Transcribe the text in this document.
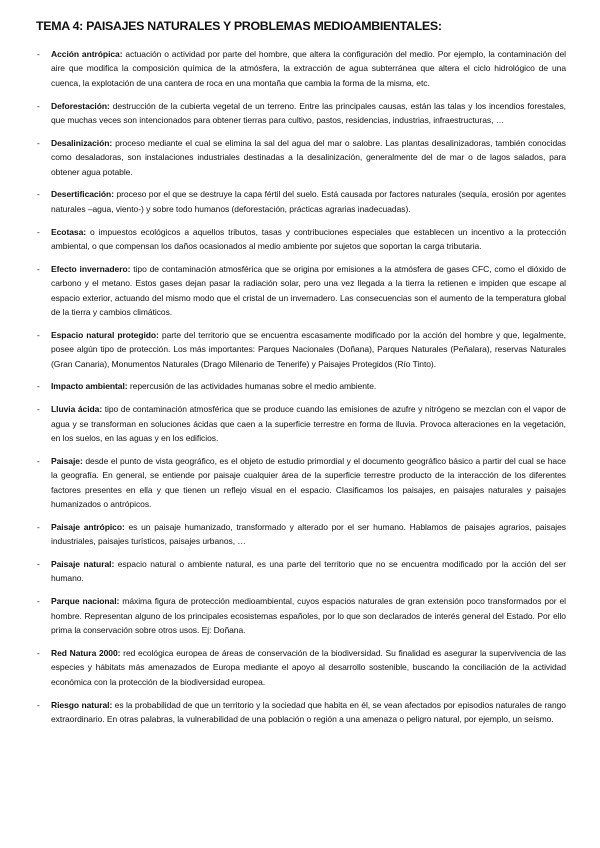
TEMA 4: PAISAJES NATURALES Y PROBLEMAS MEDIOAMBIENTALES:
- Acción antrópica: actuación o actividad por parte del hombre, que altera la configuración del medio. Por ejemplo, la contaminación del aire que modifica la composición química de la atmósfera, la extracción de agua subterránea que altera el ciclo hidrológico de una cuenca, la explotación de una cantera de roca en una montaña que cambia la forma de la misma, etc.
- Deforestación: destrucción de la cubierta vegetal de un terreno. Entre las principales causas, están las talas y los incendios forestales, que muchas veces son intencionados para obtener tierras para cultivo, pastos, residencias, industrias, infraestructuras, …
- Desalinización: proceso mediante el cual se elimina la sal del agua del mar o salobre. Las plantas desalinizadoras, también conocidas como desaladoras, son instalaciones industriales destinadas a la desalinización, generalmente del de mar o de lagos salados, para obtener agua potable.
- Desertificación: proceso por el que se destruye la capa fértil del suelo. Está causada por factores naturales (sequía, erosión por agentes naturales –agua, viento-) y sobre todo humanos (deforestación, prácticas agrarias inadecuadas).
- Ecotasa: o impuestos ecológicos a aquellos tributos, tasas y contribuciones especiales que establecen un incentivo a la protección ambiental, o que compensan los daños ocasionados al medio ambiente por sujetos que soportan la carga tributaria.
- Efecto invernadero: tipo de contaminación atmosférica que se origina por emisiones a la atmósfera de gases CFC, como el dióxido de carbono y el metano. Estos gases dejan pasar la radiación solar, pero una vez llegada a la tierra la retienen e impiden que escape al espacio exterior, actuando del mismo modo que el cristal de un invernadero. Las consecuencias son el aumento de la temperatura global de la tierra y cambios climáticos.
- Espacio natural protegido: parte del territorio que se encuentra escasamente modificado por la acción del hombre y que, legalmente, posee algún tipo de protección. Los más importantes: Parques Nacionales (Doñana), Parques Naturales (Peñalara), reservas Naturales (Gran Canaria), Monumentos Naturales (Drago Milenario de Tenerife) y Paisajes Protegidos (Río Tinto).
- Impacto ambiental: repercusión de las actividades humanas sobre el medio ambiente.
- Lluvia ácida: tipo de contaminación atmosférica que se produce cuando las emisiones de azufre y nitrógeno se mezclan con el vapor de agua y se transforman en soluciones ácidas que caen a la superficie terrestre en forma de lluvia. Provoca alteraciones en la vegetación, en los suelos, en las aguas y en los edificios.
- Paisaje: desde el punto de vista geográfico, es el objeto de estudio primordial y el documento geográfico básico a partir del cual se hace la geografía. En general, se entiende por paisaje cualquier área de la superficie terrestre producto de la interacción de los diferentes factores presentes en ella y que tienen un reflejo visual en el espacio. Clasificamos los paisajes, en paisajes naturales y paisajes humanizados o antrópicos.
- Paisaje antrópico: es un paisaje humanizado, transformado y alterado por el ser humano. Hablamos de paisajes agrarios, paisajes industriales, paisajes turísticos, paisajes urbanos, …
- Paisaje natural: espacio natural o ambiente natural, es una parte del territorio que no se encuentra modificado por la acción del ser humano.
- Parque nacional: máxima figura de protección medioambiental, cuyos espacios naturales de gran extensión poco transformados por el hombre. Representan alguno de los principales ecosistemas españoles, por lo que son declarados de interés general del Estado. Por ello prima la conservación sobre otros usos. Ej: Doñana.
- Red Natura 2000: red ecológica europea de áreas de conservación de la biodiversidad. Su finalidad es asegurar la supervivencia de las especies y hábitats más amenazados de Europa mediante el apoyo al desarrollo sostenible, buscando la conciliación de la actividad económica con la protección de la biodiversidad europea.
- Riesgo natural: es la probabilidad de que un territorio y la sociedad que habita en él, se vean afectados por episodios naturales de rango extraordinario. En otras palabras, la vulnerabilidad de una población o región a una amenaza o peligro natural, por ejemplo, un seísmo.
